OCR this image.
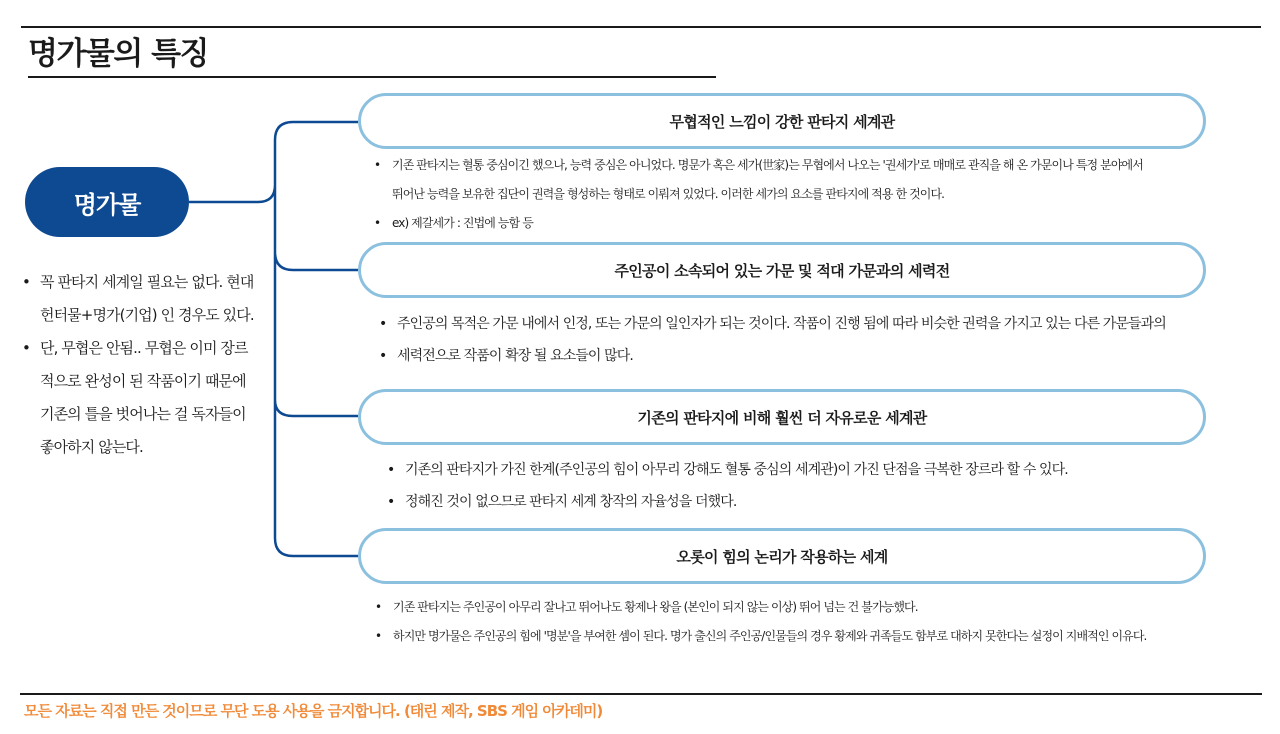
명가물의 특징
명가물
• 꼭 판타지 세계일 필요는 없다. 현대 헌터물+명가(기업) 인 경우도 있다.
• 단, 무협은 안됨.. 무협은 이미 장르적으로 완성이 된 작품이기 때문에 기존의 틀을 벗어나는 걸 독자들이 좋아하지 않는다.
무협적인 느낌이 강한 판타지 세계관
• 기존 판타지는 혈통 중심이긴 했으나, 능력 중심은 아니었다. 명문가 혹은 세가(世家)는 무협에서 나오는 '권세가'로 매매로 관직을 해 온 가문이나 특정 분야에서
뛰어난 능력을 보유한 집단이 권력을 형성하는 형태로 이뤄져 있었다. 이러한 세가의 요소를 판타지에 적용 한 것이다.
• ex) 제갈세가 : 진법에 능함 등
주인공이 소속되어 있는 가문 및 적대 가문과의 세력전
• 주인공의 목적은 가문 내에서 인정, 또는 가문의 일인자가 되는 것이다. 작품이 진행 됨에 따라 비슷한 권력을 가지고 있는 다른 가문들과의
• 세력전으로 작품이 확장 될 요소들이 많다.
기존의 판타지에 비해 훨씬 더 자유로운 세계관
• 기존의 판타지가 가진 한계(주인공의 힘이 아무리 강해도 혈통 중심의 세계관)이 가진 단점을 극복한 장르라 할 수 있다.
• 정해진 것이 없으므로 판타지 세계 창작의 자율성을 더했다.
오롯이 힘의 논리가 작용하는 세계
• 기존 판타지는 주인공이 아무리 잘나고 뛰어나도 황제나 왕을 (본인이 되지 않는 이상) 뛰어 넘는 건 불가능했다.
• 하지만 명가물은 주인공의 힘에 '명분'을 부여한 셈이 된다. 명가 출신의 주인공/인물들의 경우 황제와 귀족들도 함부로 대하지 못한다는 설정이 지배적인 이유다.
모든 자료는 직접 만든 것이므로 무단 도용 사용을 금지합니다. (태린 제작, SBS 게임 아카데미)
